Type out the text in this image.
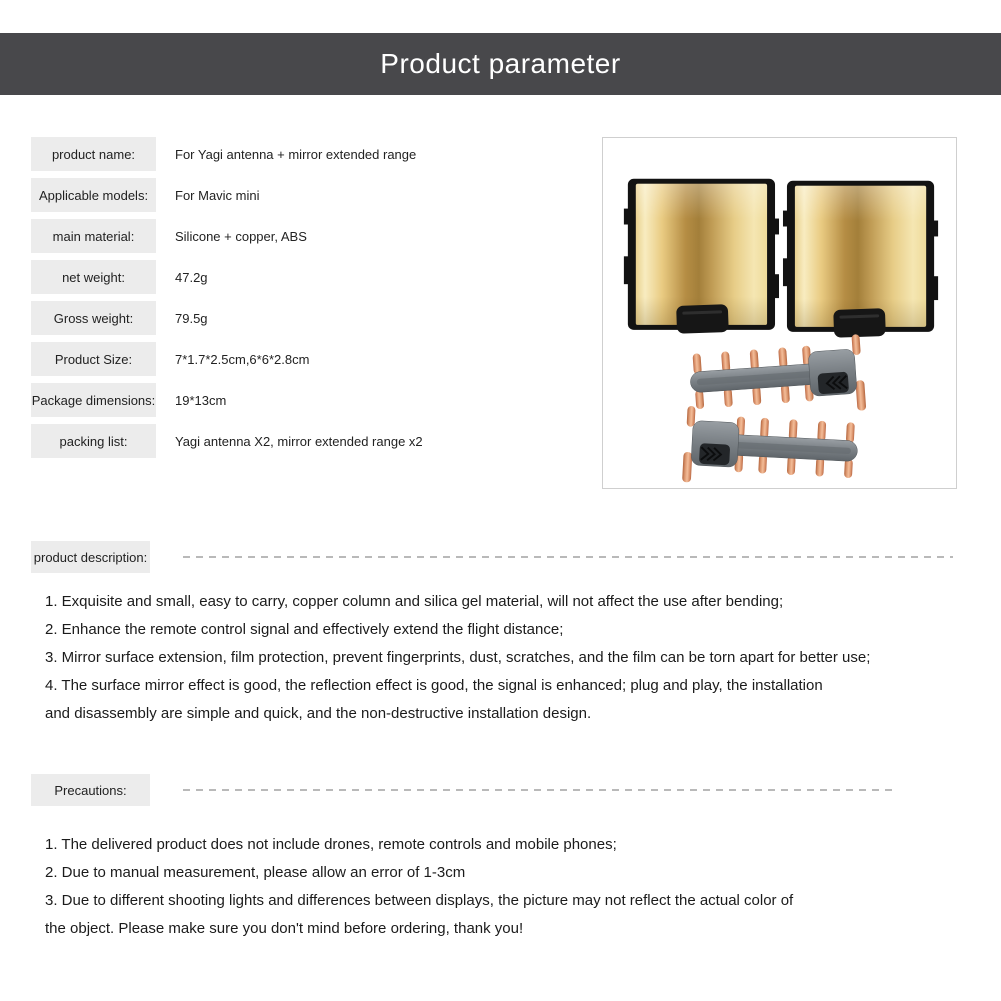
Product parameter
product name:	For Yagi antenna + mirror extended range
Applicable models:	For Mavic mini
main material:	Silicone + copper, ABS
net weight:	47.2g
Gross weight:	79.5g
Product Size:	7*1.7*2.5cm,6*6*2.8cm
Package dimensions: 19*13cm
packing list:	Yagi antenna X2, mirror extended range x2
product description:
1. Exquisite and small, easy to carry, copper column and silica gel material, will not affect the use after bending;
2. Enhance the remote control signal and effectively extend the flight distance;
3. Mirror surface extension, film protection, prevent fingerprints, dust, scratches, and the film can be torn apart for better use;
4. The surface mirror effect is good, the reflection effect is good, the signal is enhanced; plug and play, the installation
and disassembly are simple and quick, and the non-destructive installation design.
Precautions:
1. The delivered product does not include drones, remote controls and mobile phones;
2. Due to manual measurement, please allow an error of 1-3cm
3. Due to different shooting lights and differences between displays, the picture may not reflect the actual color of
the object. Please make sure you don't mind before ordering, thank you!
